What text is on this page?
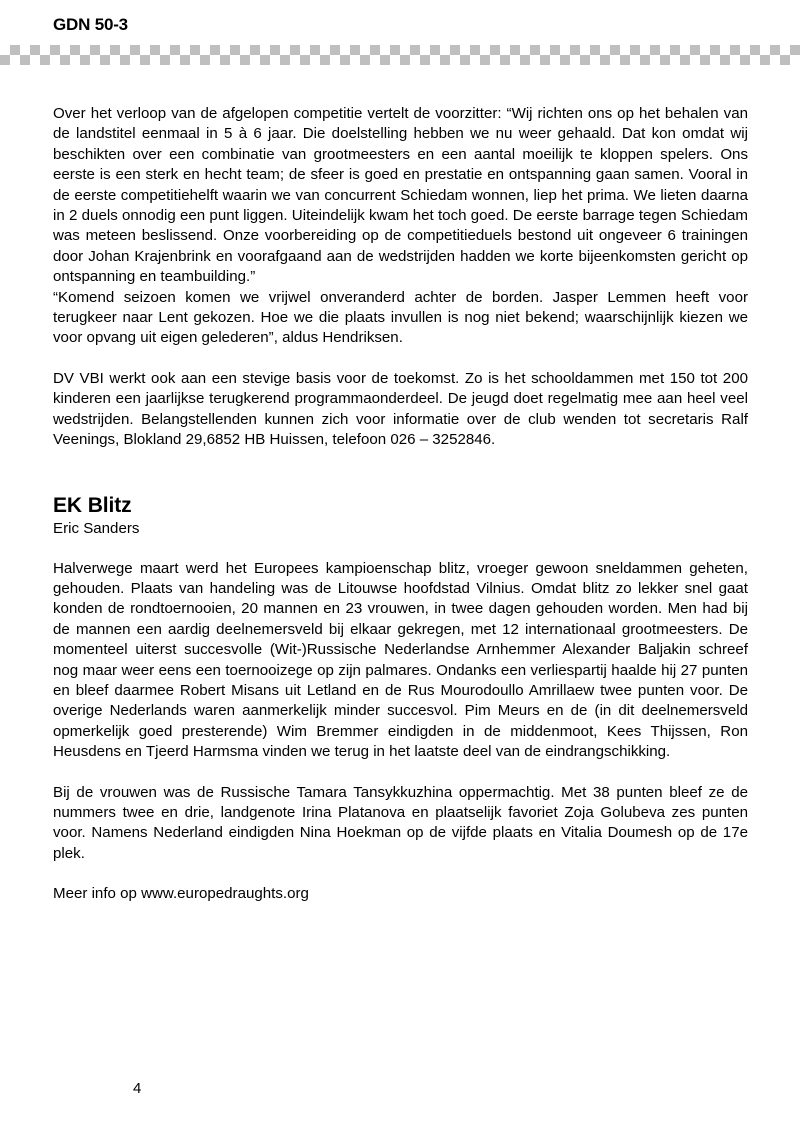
GDN 50-3

Over het verloop van de afgelopen competitie vertelt de voorzitter: “Wij richten ons op het behalen van de landstitel eenmaal in 5 à 6 jaar. Die doelstelling hebben we nu weer gehaald. Dat kon omdat wij beschikten over een combinatie van grootmeesters en een aantal moeilijk te kloppen spelers. Ons eerste is een sterk en hecht team; de sfeer is goed en prestatie en ontspanning gaan samen. Vooral in de eerste competitiehelft waarin we van concurrent Schiedam wonnen, liep het prima. We lieten daarna in 2 duels onnodig een punt liggen. Uiteindelijk kwam het toch goed. De eerste barrage tegen Schiedam was meteen beslissend. Onze voorbereiding op de competitieduels bestond uit ongeveer 6 trainingen door Johan Krajenbrink en voorafgaand aan de wedstrijden hadden we korte bijeenkomsten gericht op ontspanning en teambuilding.”

“Komend seizoen komen we vrijwel onveranderd achter de borden. Jasper Lemmen heeft voor terugkeer naar Lent gekozen. Hoe we die plaats invullen is nog niet bekend; waarschijnlijk kiezen we voor opvang uit eigen gelederen”, aldus Hendriksen.

DV VBI werkt ook aan een stevige basis voor de toekomst. Zo is het schooldammen met 150 tot 200 kinderen een jaarlijkse terugkerend programmaonderdeel. De jeugd doet regelmatig mee aan heel veel wedstrijden. Belangstellenden kunnen zich voor informatie over de club wenden tot secretaris Ralf Veenings, Blokland 29,6852 HB Huissen, telefoon 026 – 3252846.

EK Blitz

Eric Sanders

Halverwege maart werd het Europees kampioenschap blitz, vroeger gewoon sneldammen geheten, gehouden. Plaats van handeling was de Litouwse hoofdstad Vilnius. Omdat blitz zo lekker snel gaat konden de rondtoernooien, 20 mannen en 23 vrouwen, in twee dagen gehouden worden. Men had bij de mannen een aardig deelnemersveld bij elkaar gekregen, met 12 internationaal grootmeesters. De momenteel uiterst succesvolle (Wit-)Russische Nederlandse Arnhemmer Alexander Baljakin schreef nog maar weer eens een toernooizege op zijn palmares. Ondanks een verliespartij haalde hij 27 punten en bleef daarmee Robert Misans uit Letland en de Rus Mourodoullo Amrillaew twee punten voor. De overige Nederlands waren aanmerkelijk minder succesvol. Pim Meurs en de (in dit deelnemersveld opmerkelijk goed presterende) Wim Bremmer eindigden in de middenmoot, Kees Thijssen, Ron Heusdens en Tjeerd Harmsma vinden we terug in het laatste deel van de eindrangschikking.

Bij de vrouwen was de Russische Tamara Tansykkuzhina oppermachtig. Met 38 punten bleef ze de nummers twee en drie, landgenote Irina Platanova en plaatselijk favoriet Zoja Golubeva zes punten voor. Namens Nederland eindigden Nina Hoekman op de vijfde plaats en Vitalia Doumesh op de 17e plek.

Meer info op www.europedraughts.org

4
